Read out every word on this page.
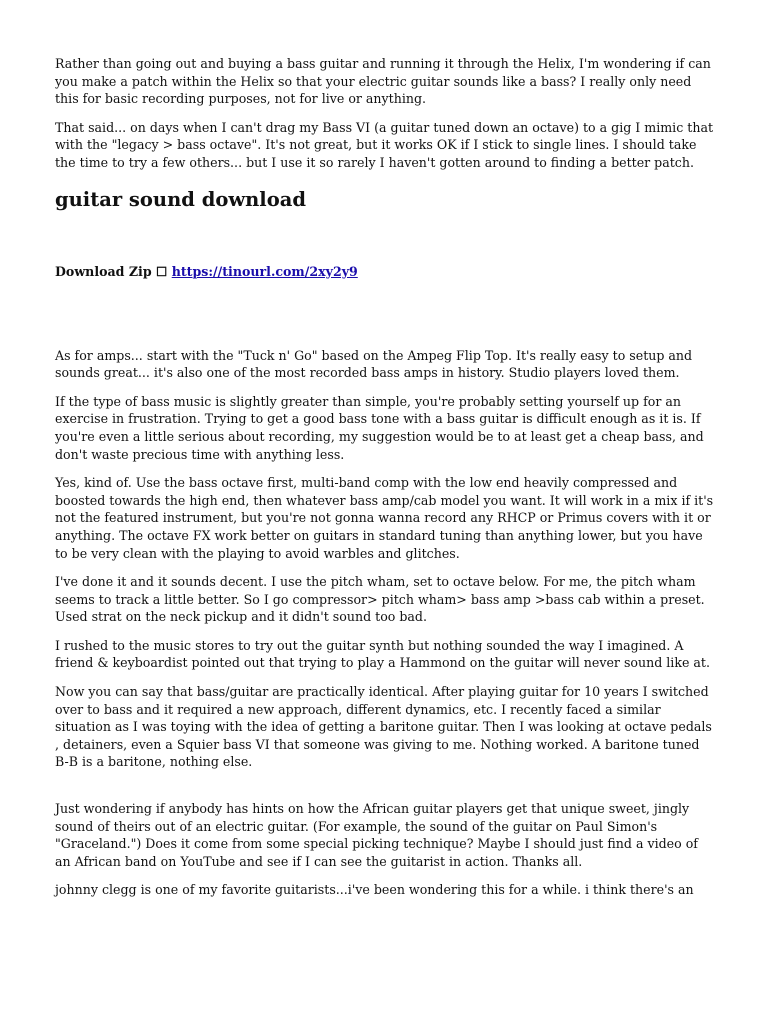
Rather than going out and buying a bass guitar and running it through the Helix, I'm wondering if can you make a patch within the Helix so that your electric guitar sounds like a bass? I really only need this for basic recording purposes, not for live or anything.

That said... on days when I can't drag my Bass VI (a guitar tuned down an octave) to a gig I mimic that with the "legacy > bass octave". It's not great, but it works OK if I stick to single lines. I should take the time to try a few others... but I use it so rarely I haven't gotten around to finding a better patch.

guitar sound download
Download Zip ☐ https://tinourl.com/2xy2y9

As for amps... start with the "Tuck n' Go" based on the Ampeg Flip Top. It's really easy to setup and sounds great... it's also one of the most recorded bass amps in history. Studio players loved them.

If the type of bass music is slightly greater than simple, you're probably setting yourself up for an exercise in frustration. Trying to get a good bass tone with a bass guitar is difficult enough as it is. If you're even a little serious about recording, my suggestion would be to at least get a cheap bass, and don't waste precious time with anything less.

Yes, kind of. Use the bass octave first, multi-band comp with the low end heavily compressed and boosted towards the high end, then whatever bass amp/cab model you want. It will work in a mix if it's not the featured instrument, but you're not gonna wanna record any RHCP or Primus covers with it or anything. The octave FX work better on guitars in standard tuning than anything lower, but you have to be very clean with the playing to avoid warbles and glitches.

I've done it and it sounds decent. I use the pitch wham, set to octave below. For me, the pitch wham seems to track a little better. So I go compressor> pitch wham> bass amp >bass cab within a preset. Used strat on the neck pickup and it didn't sound too bad.

I rushed to the music stores to try out the guitar synth but nothing sounded the way I imagined. A friend & keyboardist pointed out that trying to play a Hammond on the guitar will never sound like at.

Now you can say that bass/guitar are practically identical. After playing guitar for 10 years I switched over to bass and it required a new approach, different dynamics, etc. I recently faced a similar situation as I was toying with the idea of getting a baritone guitar. Then I was looking at octave pedals , detainers, even a Squier bass VI that someone was giving to me. Nothing worked. A baritone tuned B-B is a baritone, nothing else.

Just wondering if anybody has hints on how the African guitar players get that unique sweet, jingly sound of theirs out of an electric guitar. (For example, the sound of the guitar on Paul Simon's "Graceland.") Does it come from some special picking technique? Maybe I should just find a video of an African band on YouTube and see if I can see the guitarist in action. Thanks all.

johnny clegg is one of my favorite guitarists...i've been wondering this for a while. i think there's an
